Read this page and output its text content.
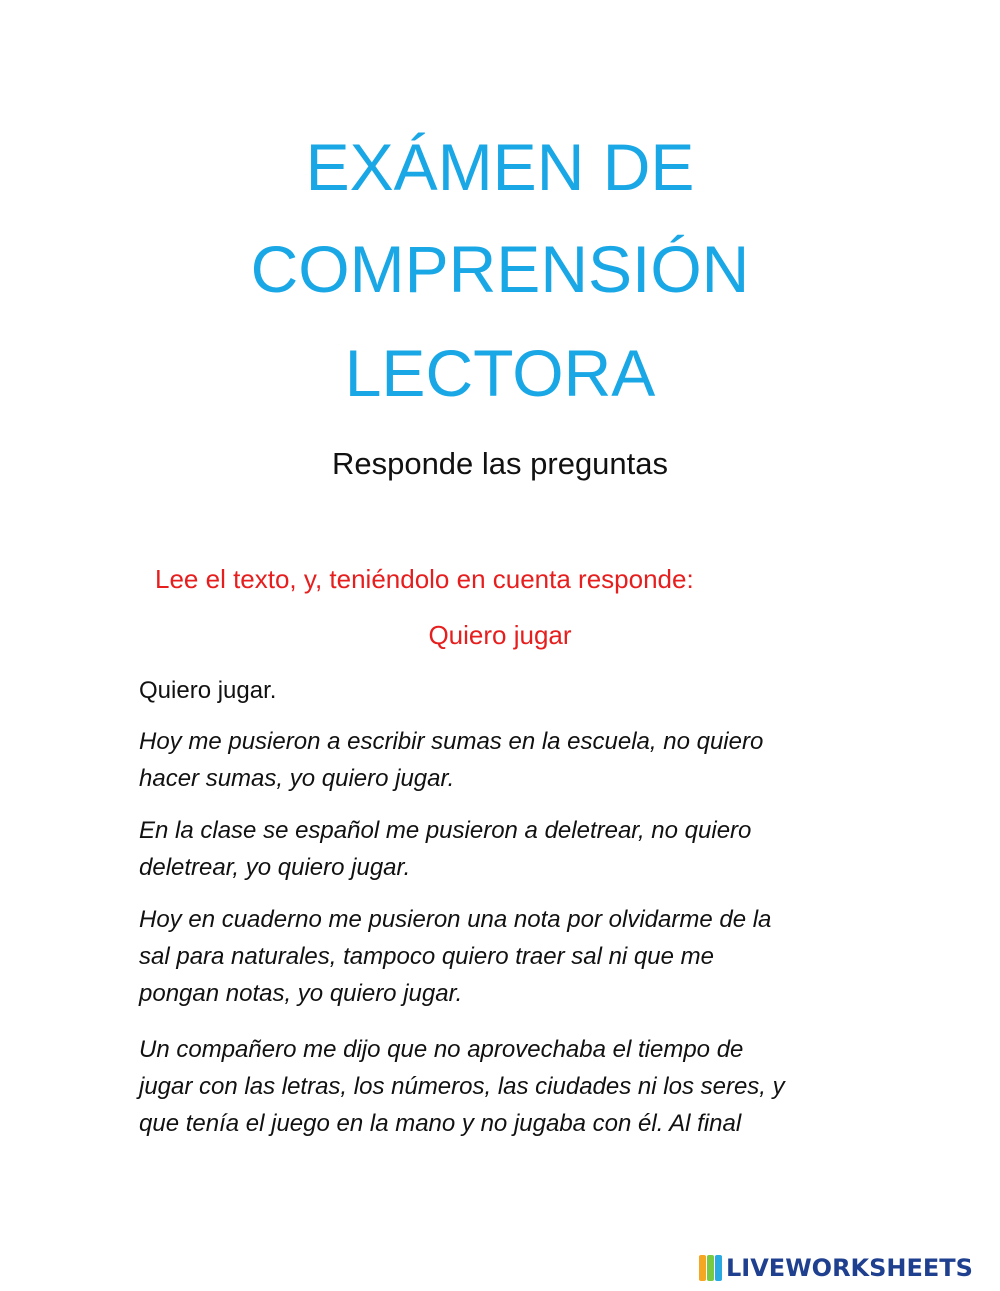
EXÁMEN DE
COMPRENSIÓN
LECTORA
Responde las preguntas
Lee el texto, y, teniéndolo en cuenta responde:
Quiero jugar
Quiero jugar.
Hoy me pusieron a escribir sumas en la escuela, no quiero
hacer sumas, yo quiero jugar.
En la clase se español me pusieron a deletrear, no quiero
deletrear, yo quiero jugar.
Hoy en cuaderno me pusieron una nota por olvidarme de la
sal para naturales, tampoco quiero traer sal ni que me
pongan notas, yo quiero jugar.
Un compañero me dijo que no aprovechaba el tiempo de
jugar con las letras, los números, las ciudades ni los seres, y
que tenía el juego en la mano y no jugaba con él. Al final
LIVEWORKSHEETS
